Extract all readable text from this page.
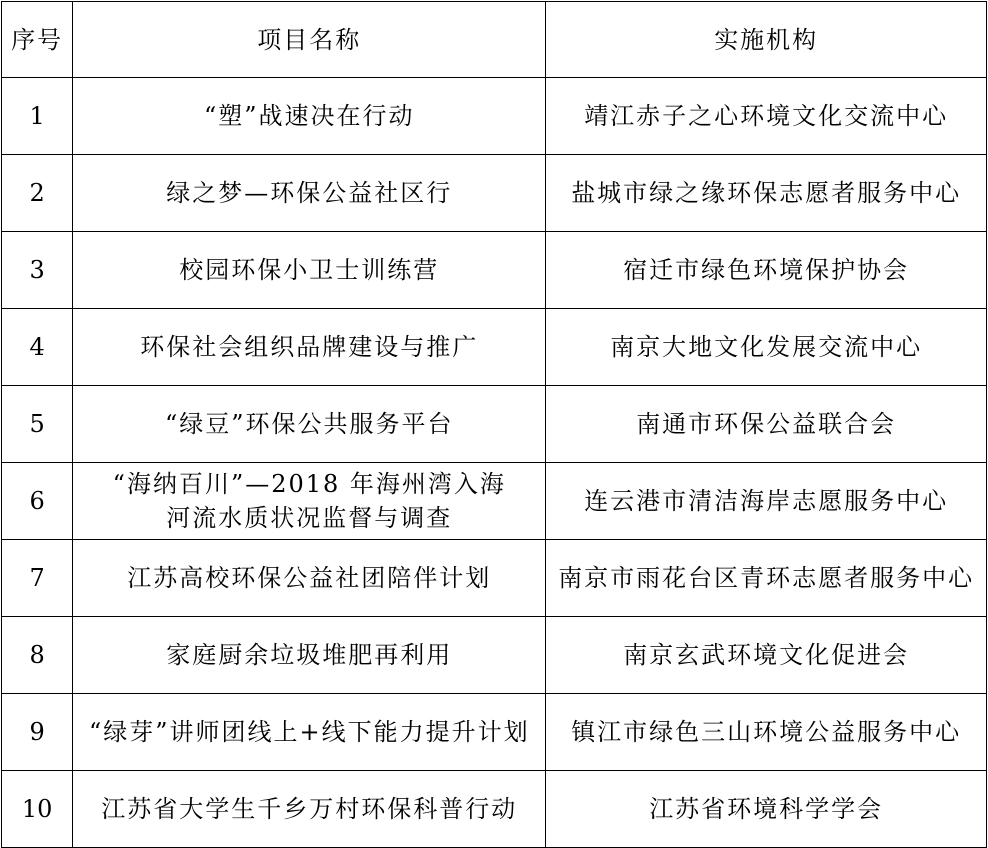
序号	项目名称	实施机构
1	“塑”战速决在行动	靖江赤子之心环境文化交流中心
2	绿之梦—环保公益社区行	盐城市绿之缘环保志愿者服务中心
3	校园环保小卫士训练营	宿迁市绿色环境保护协会
4	环保社会组织品牌建设与推广	南京大地文化发展交流中心
5	“绿豆”环保公共服务平台	南通市环保公益联合会
6	“海纳百川”—2018 年海州湾入海
河流水质状况监督与调查	连云港市清洁海岸志愿服务中心
7	江苏高校环保公益社团陪伴计划	南京市雨花台区青环志愿者服务中心
8	家庭厨余垃圾堆肥再利用	南京玄武环境文化促进会
9	“绿芽”讲师团线上+线下能力提升计划	镇江市绿色三山环境公益服务中心
10	江苏省大学生千乡万村环保科普行动	江苏省环境科学学会
